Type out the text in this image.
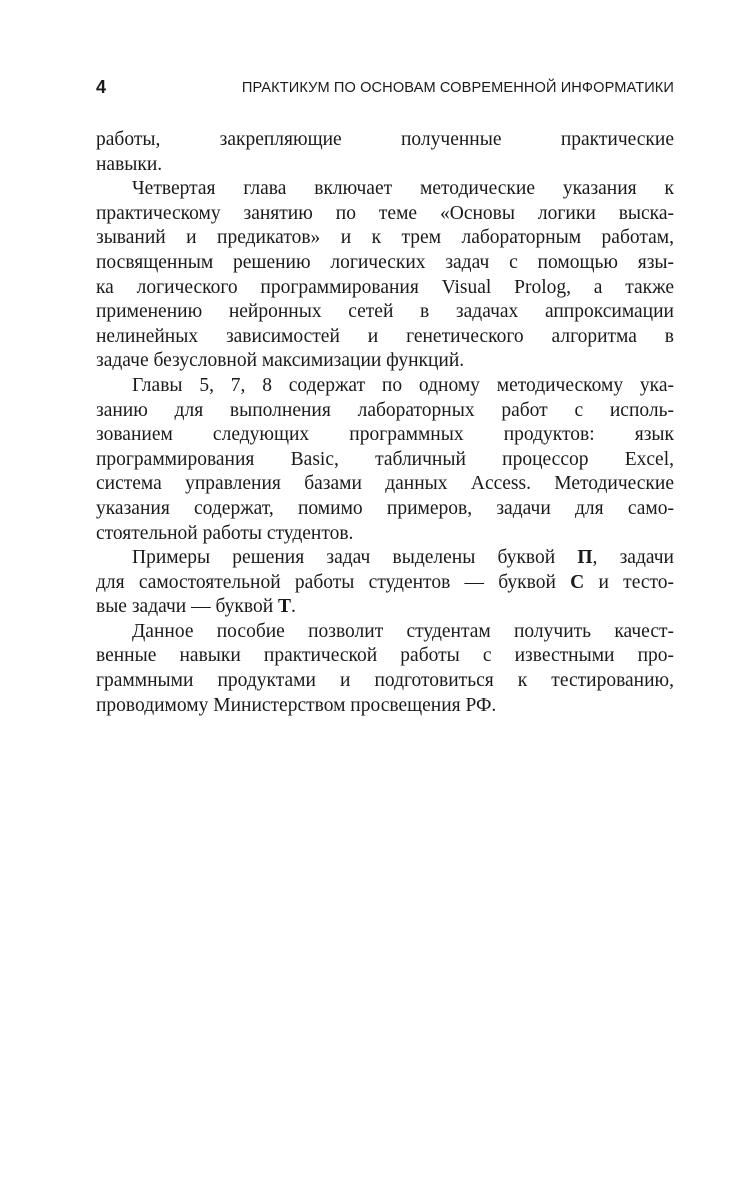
4	ПРАКТИКУМ ПО ОСНОВАМ СОВРЕМЕННОЙ ИНФОРМАТИКИ
работы, закрепляющие полученные практические
навыки.
Четвертая глава включает методические указания к
практическому занятию по теме «Основы логики выска-
зываний и предикатов» и к трем лабораторным работам,
посвященным решению логических задач с помощью язы-
ка логического программирования Visual Prolog, а также
применению нейронных сетей в задачах аппроксимации
нелинейных зависимостей и генетического алгоритма в
задаче безусловной максимизации функций.
Главы 5, 7, 8 содержат по одному методическому ука-
занию для выполнения лабораторных работ с исполь-
зованием следующих программных продуктов: язык
программирования Basic, табличный процессор Excel,
система управления базами данных Access. Методические
указания содержат, помимо примеров, задачи для само-
стоятельной работы студентов.
Примеры решения задач выделены буквой П, задачи
для самостоятельной работы студентов — буквой С и тесто-
вые задачи — буквой Т.
Данное пособие позволит студентам получить качест-
венные навыки практической работы с известными про-
граммными продуктами и подготовиться к тестированию,
проводимому Министерством просвещения РФ.
